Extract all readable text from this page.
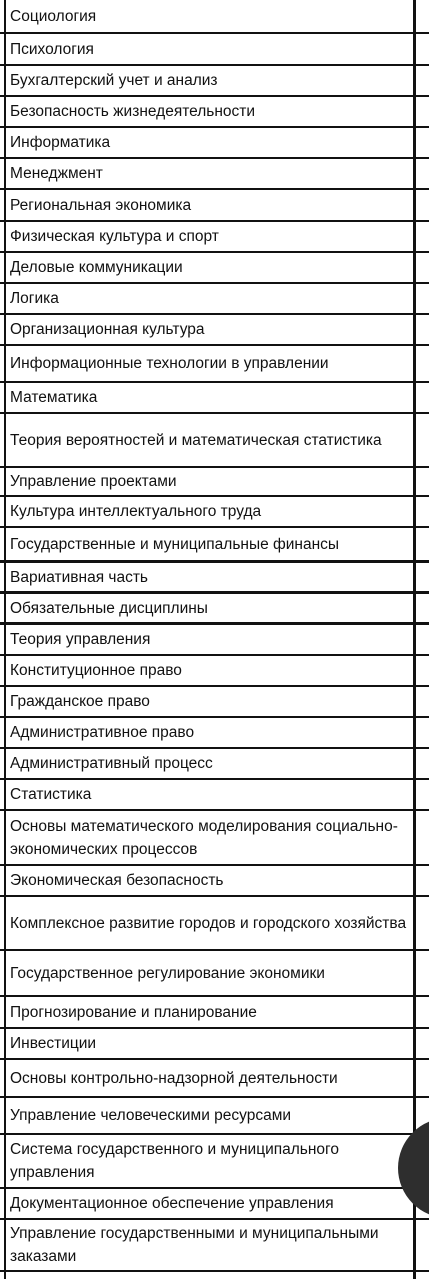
Социология
Психология
Бухгалтерский учет и анализ
Безопасность жизнедеятельности
Информатика
Менеджмент
Региональная экономика
Физическая культура и спорт
Деловые коммуникации
Логика
Организационная культура
Информационные технологии в управлении
Математика
Теория вероятностей и математическая статистика
Управление проектами
Культура интеллектуального труда
Государственные и муниципальные финансы
Вариативная часть
Обязательные дисциплины
Теория управления
Конституционное право
Гражданское право
Административное право
Административный процесс
Статистика
Основы математического моделирования социально-экономических процессов
Экономическая безопасность
Комплексное развитие городов и городского хозяйства
Государственное регулирование экономики
Прогнозирование и планирование
Инвестиции
Основы контрольно-надзорной деятельности
Управление человеческими ресурсами
Система государственного и муниципального управления
Документационное обеспечение управления
Управление государственными и муниципальными заказами
